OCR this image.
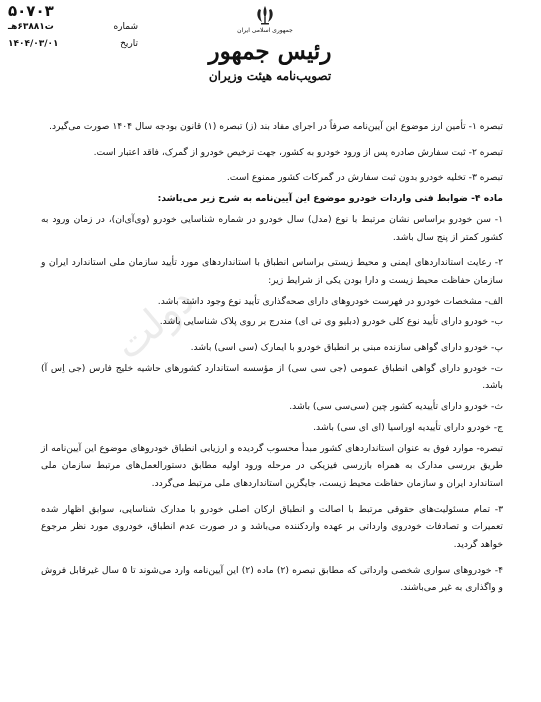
۵۰۷۰۳
شماره
ت۶۳۸۸۱هـ
تاریخ
۱۴۰۴/۰۳/۰۱
جمهوری اسلامی ایران
رئیس جمهور
تصویب‌نامه هیئت وزیران
دولت

تبصره ۱- تأمین ارز موضوع این آیین‌نامه صرفاً در اجرای مفاد بند (ز) تبصره (۱) قانون بودجه سال ۱۴۰۴ صورت می‌گیرد.

تبصره ۲- ثبت سفارش صادره پس از ورود خودرو به کشور، جهت ترخیص خودرو از گمرک، فاقد اعتبار است.

تبصره ۳- تخلیه خودرو بدون ثبت سفارش در گمرکات کشور ممنوع است.

ماده ۴- ضوابط فنی واردات خودرو موضوع این آیین‌نامه به شرح زیر می‌باشد:

۱- سن خودرو براساس نشان مرتبط با نوع (مدل) سال خودرو در شماره شناسایی خودرو (وی‌آی‌ان)، در زمان ورود به کشور کمتر از پنج سال باشد.

۲- رعایت استانداردهای ایمنی و محیط زیستی براساس انطباق با استانداردهای مورد تأیید سازمان ملی استاندارد ایران و سازمان حفاظت محیط زیست و دارا بودن یکی از شرایط زیر:

الف- مشخصات خودرو در فهرست خودروهای دارای صحه‌گذاری تأیید نوع وجود داشته باشد.

ب- خودرو دارای تأیید نوع کلی خودرو (دبلیو وی تی ای) مندرج بر روی پلاک شناسایی باشد.

پ- خودرو دارای گواهی سازنده مبنی بر انطباق خودرو با ایمارک (سی اسی) باشد.

ت- خودرو دارای گواهی انطباق عمومی (جی سی سی) از مؤسسه استاندارد کشورهای حاشیه خلیج فارس (جی اِس آ) باشد.

ث- خودرو دارای تأییدیه کشور چین (سی‌سی سی) باشد.

ج- خودرو دارای تأییدیه اوراسیا (ای ای سی) باشد.

تبصره- موارد فوق به عنوان استانداردهای کشور مبدأ محسوب گردیده و ارزیابی انطباق خودروهای موضوع این آیین‌نامه از طریق بررسی مدارک به همراه بازرسی فیزیکی در مرحله ورود اولیه مطابق دستورالعمل‌های مرتبط سازمان ملی استاندارد ایران و سازمان حفاظت محیط زیست، جایگزین استانداردهای ملی مرتبط می‌گردد.

۳- تمام مسئولیت‌های حقوقی مرتبط با اصالت و انطباق ارکان اصلی خودرو با مدارک شناسایی، سوابق اظهار شده تعمیرات و تصادفات خودروی وارداتی بر عهده واردکننده می‌باشد و در صورت عدم انطباق، خودروی مورد نظر مرجوع خواهد گردید.

۴- خودروهای سواری شخصی وارداتی که مطابق تبصره (۲) ماده (۲) این آیین‌نامه وارد می‌شوند تا ۵ سال غیرقابل فروش و واگذاری به غیر می‌باشند.
